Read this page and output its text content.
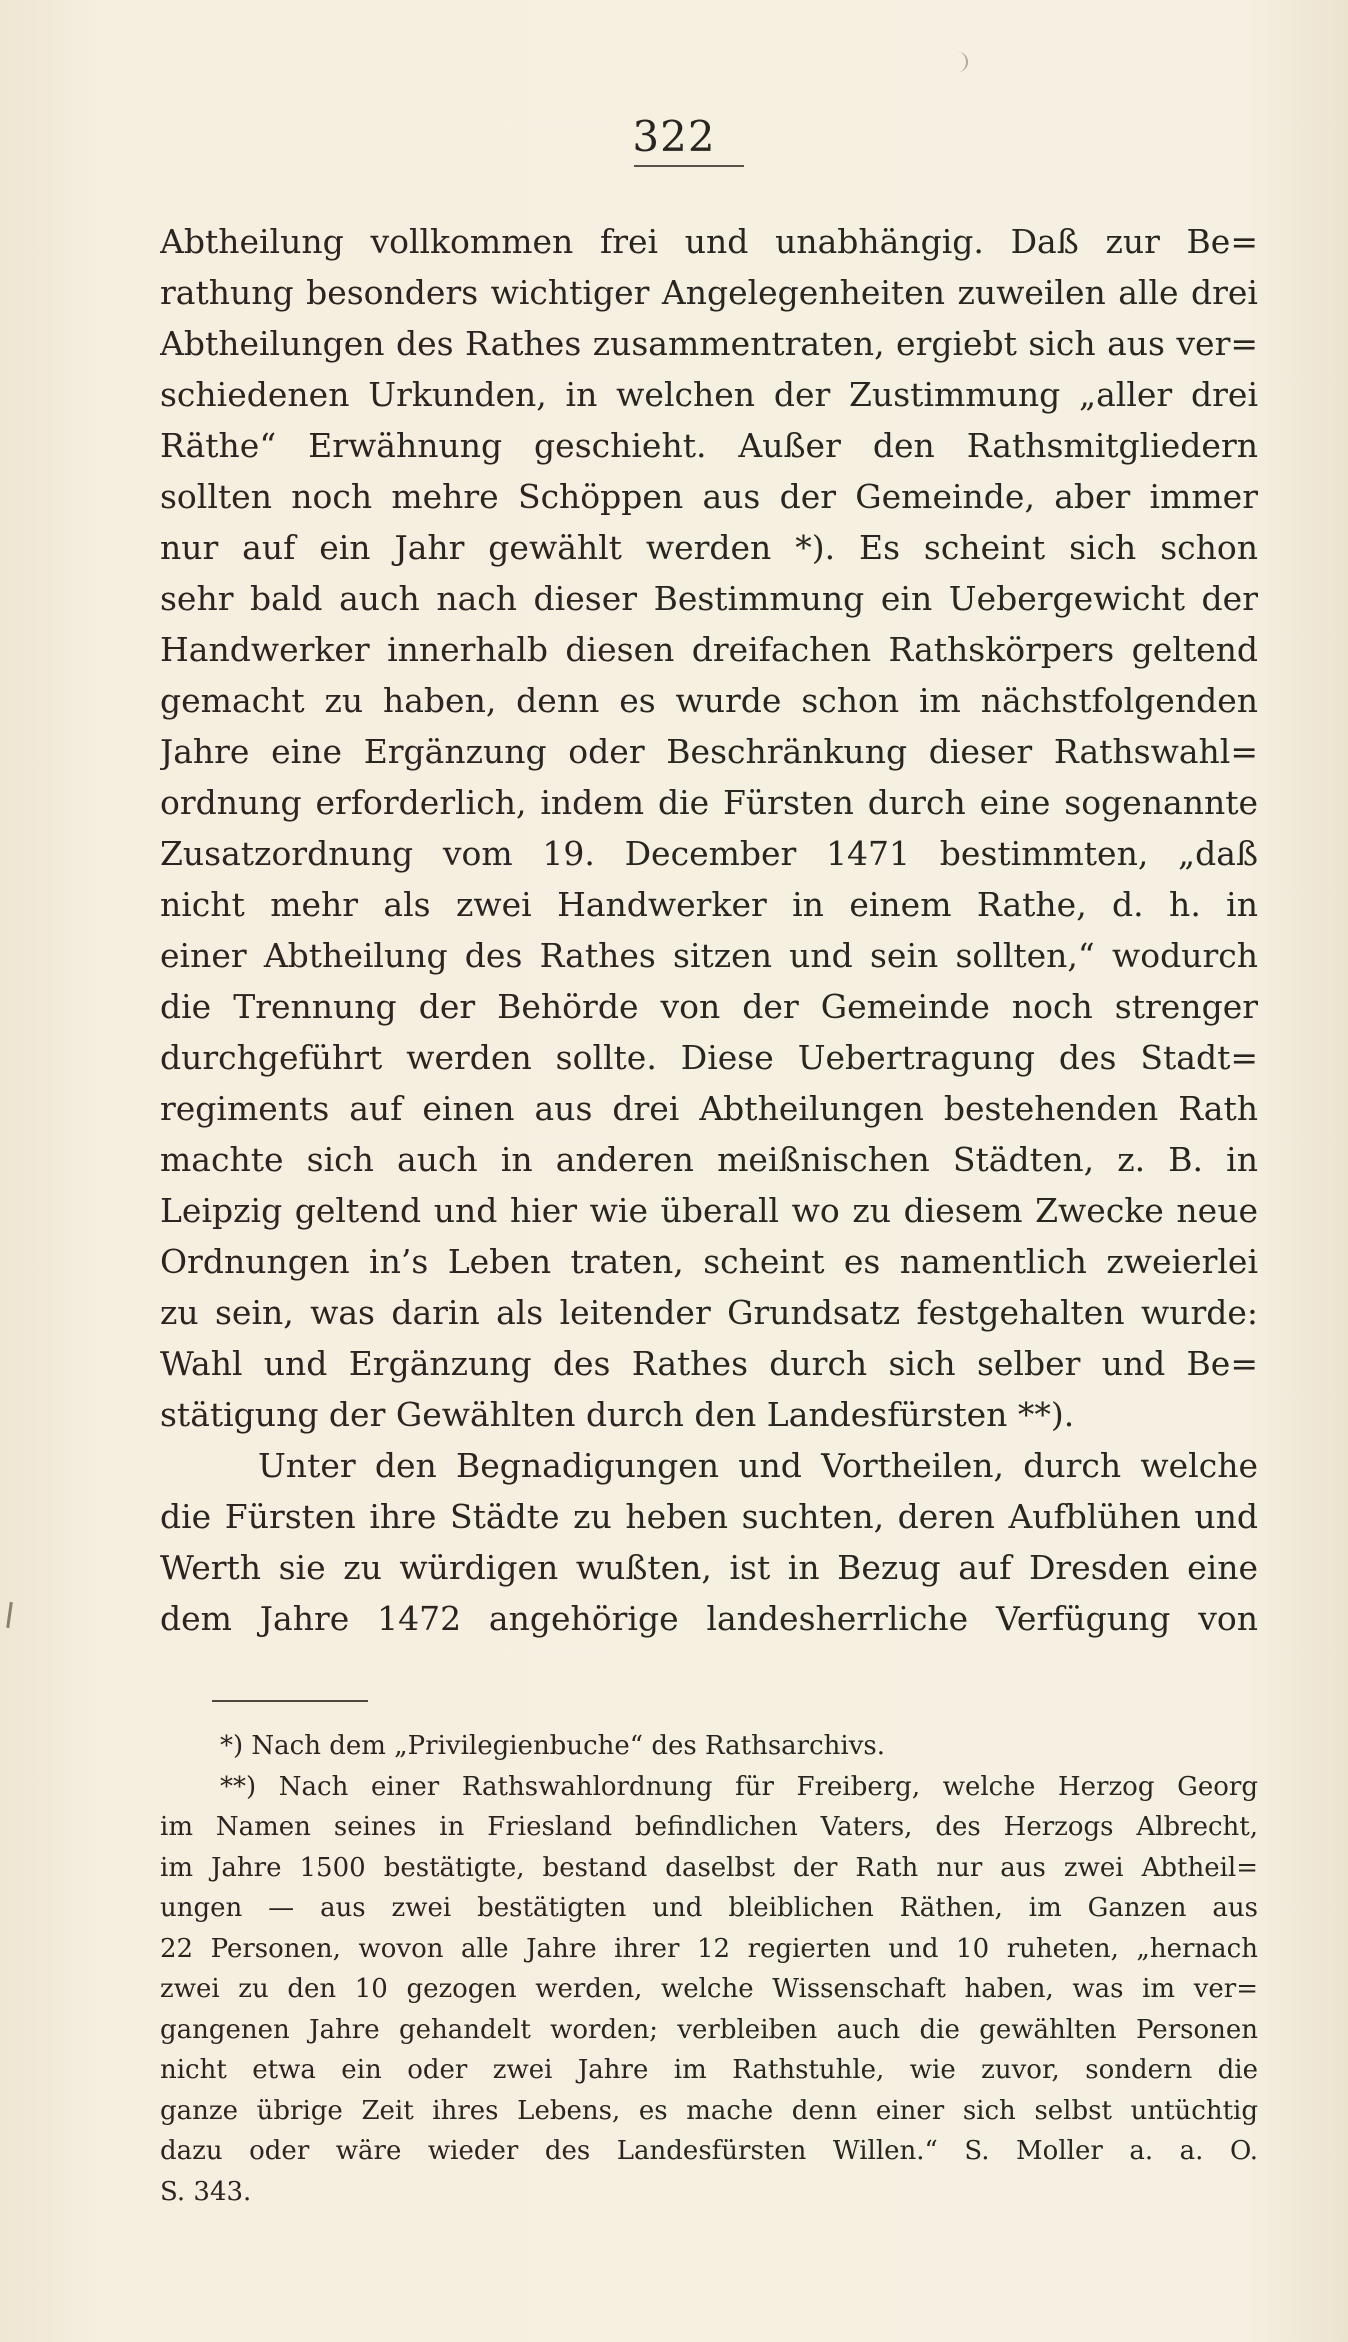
322
Abtheilung vollkommen frei und unabhängig. Daß zur Be=
rathung besonders wichtiger Angelegenheiten zuweilen alle drei
Abtheilungen des Rathes zusammentraten, ergiebt sich aus ver=
schiedenen Urkunden, in welchen der Zustimmung „aller drei
Räthe“ Erwähnung geschieht. Außer den Rathsmitgliedern
sollten noch mehre Schöppen aus der Gemeinde, aber immer
nur auf ein Jahr gewählt werden *). Es scheint sich schon
sehr bald auch nach dieser Bestimmung ein Uebergewicht der
Handwerker innerhalb diesen dreifachen Rathskörpers geltend
gemacht zu haben, denn es wurde schon im nächstfolgenden
Jahre eine Ergänzung oder Beschränkung dieser Rathswahl=
ordnung erforderlich, indem die Fürsten durch eine sogenannte
Zusatzordnung vom 19. December 1471 bestimmten, „daß
nicht mehr als zwei Handwerker in einem Rathe, d. h. in
einer Abtheilung des Rathes sitzen und sein sollten,“ wodurch
die Trennung der Behörde von der Gemeinde noch strenger
durchgeführt werden sollte. Diese Uebertragung des Stadt=
regiments auf einen aus drei Abtheilungen bestehenden Rath
machte sich auch in anderen meißnischen Städten, z. B. in
Leipzig geltend und hier wie überall wo zu diesem Zwecke neue
Ordnungen in’s Leben traten, scheint es namentlich zweierlei
zu sein, was darin als leitender Grundsatz festgehalten wurde:
Wahl und Ergänzung des Rathes durch sich selber und Be=
stätigung der Gewählten durch den Landesfürsten **).
Unter den Begnadigungen und Vortheilen, durch welche
die Fürsten ihre Städte zu heben suchten, deren Aufblühen und
Werth sie zu würdigen wußten, ist in Bezug auf Dresden eine
dem Jahre 1472 angehörige landesherrliche Verfügung von
*) Nach dem „Privilegienbuche“ des Rathsarchivs.
**) Nach einer Rathswahlordnung für Freiberg, welche Herzog Georg
im Namen seines in Friesland befindlichen Vaters, des Herzogs Albrecht,
im Jahre 1500 bestätigte, bestand daselbst der Rath nur aus zwei Abtheil=
ungen — aus zwei bestätigten und bleiblichen Räthen, im Ganzen aus
22 Personen, wovon alle Jahre ihrer 12 regierten und 10 ruheten, „hernach
zwei zu den 10 gezogen werden, welche Wissenschaft haben, was im ver=
gangenen Jahre gehandelt worden; verbleiben auch die gewählten Personen
nicht etwa ein oder zwei Jahre im Rathstuhle, wie zuvor, sondern die
ganze übrige Zeit ihres Lebens, es mache denn einer sich selbst untüchtig
dazu oder wäre wieder des Landesfürsten Willen.“ S. Moller a. a. O.
S. 343.
